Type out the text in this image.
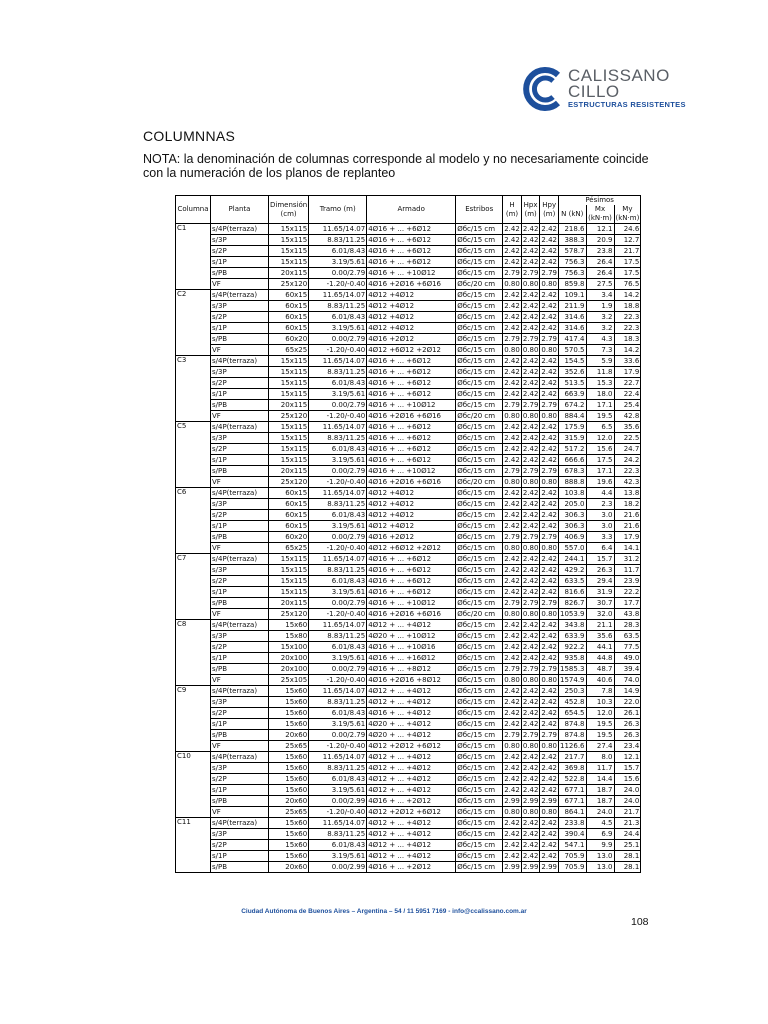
CALISSANO
CILLO
ESTRUCTURAS RESISTENTES
COLUMNNAS
NOTA: la denominación de columnas corresponde al modelo y no necesariamente coincide con la numeración de los planos de replanteo
Columna	Planta	Dimensión (cm)	Tramo (m)	Armado	Estribos	H (m)	Hpx (m)	Hpy (m)	Pésimos		
									N (kN)	Mx (kN·m)	My (kN·m)
C1	s/4P(terraza)	15x115	11.65/14.07	4Ø16 + ... +6Ø12	Øбc/15 cm	2.42	2.42	2.42	218.6	12.1	24.6
	s/3P	15x115	8.83/11.25	4Ø16 + ... +6Ø12	Øбc/15 cm	2.42	2.42	2.42	388.3	20.9	12.7
	s/2P	15x115	6.01/8.43	4Ø16 + ... +6Ø12	Øбc/15 cm	2.42	2.42	2.42	578.7	23.8	21.7
	s/1P	15x115	3.19/5.61	4Ø16 + ... +6Ø12	Øбc/15 cm	2.42	2.42	2.42	756.3	26.4	17.5
	s/PB	20x115	0.00/2.79	4Ø16 + ... +10Ø12	Øбc/15 cm	2.79	2.79	2.79	756.3	26.4	17.5
	VF	25x120	-1.20/-0.40	4Ø16 +2Ø16 +6Ø16	Øбc/20 cm	0.80	0.80	0.80	859.8	27.5	76.5
C2	s/4P(terraza)	60x15	11.65/14.07	4Ø12 +4Ø12	Øбc/15 cm	2.42	2.42	2.42	109.1	3.4	14.2
	s/3P	60x15	8.83/11.25	4Ø12 +4Ø12	Øбc/15 cm	2.42	2.42	2.42	211.9	1.9	18.8
	s/2P	60x15	6.01/8.43	4Ø12 +4Ø12	Øбc/15 cm	2.42	2.42	2.42	314.6	3.2	22.3
	s/1P	60x15	3.19/5.61	4Ø12 +4Ø12	Øбc/15 cm	2.42	2.42	2.42	314.6	3.2	22.3
	s/PB	60x20	0.00/2.79	4Ø16 +2Ø12	Øбc/15 cm	2.79	2.79	2.79	417.4	4.3	18.3
	VF	65x25	-1.20/-0.40	4Ø12 +6Ø12 +2Ø12	Øбc/15 cm	0.80	0.80	0.80	570.5	7.3	14.2
C3	s/4P(terraza)	15x115	11.65/14.07	4Ø16 + ... +6Ø12	Øбc/15 cm	2.42	2.42	2.42	154.5	5.9	33.6
	s/3P	15x115	8.83/11.25	4Ø16 + ... +6Ø12	Øбc/15 cm	2.42	2.42	2.42	352.6	11.8	17.9
	s/2P	15x115	6.01/8.43	4Ø16 + ... +6Ø12	Øбc/15 cm	2.42	2.42	2.42	513.5	15.3	22.7
	s/1P	15x115	3.19/5.61	4Ø16 + ... +6Ø12	Øбc/15 cm	2.42	2.42	2.42	663.9	18.0	22.4
	s/PB	20x115	0.00/2.79	4Ø16 + ... +10Ø12	Øбc/15 cm	2.79	2.79	2.79	674.2	17.1	25.4
	VF	25x120	-1.20/-0.40	4Ø16 +2Ø16 +6Ø16	Øбc/20 cm	0.80	0.80	0.80	884.4	19.5	42.8
C5	s/4P(terraza)	15x115	11.65/14.07	4Ø16 + ... +6Ø12	Øбc/15 cm	2.42	2.42	2.42	175.9	6.5	35.6
	s/3P	15x115	8.83/11.25	4Ø16 + ... +6Ø12	Øбc/15 cm	2.42	2.42	2.42	315.9	12.0	22.5
	s/2P	15x115	6.01/8.43	4Ø16 + ... +6Ø12	Øбc/15 cm	2.42	2.42	2.42	517.2	15.6	24.7
	s/1P	15x115	3.19/5.61	4Ø16 + ... +6Ø12	Øбc/15 cm	2.42	2.42	2.42	666.6	17.5	24.2
	s/PB	20x115	0.00/2.79	4Ø16 + ... +10Ø12	Øбc/15 cm	2.79	2.79	2.79	678.3	17.1	22.3
	VF	25x120	-1.20/-0.40	4Ø16 +2Ø16 +6Ø16	Øбc/20 cm	0.80	0.80	0.80	888.8	19.6	42.3
C6	s/4P(terraza)	60x15	11.65/14.07	4Ø12 +4Ø12	Øбc/15 cm	2.42	2.42	2.42	103.8	4.4	13.8
	s/3P	60x15	8.83/11.25	4Ø12 +4Ø12	Øбc/15 cm	2.42	2.42	2.42	205.0	2.3	18.2
	s/2P	60x15	6.01/8.43	4Ø12 +4Ø12	Øбc/15 cm	2.42	2.42	2.42	306.3	3.0	21.6
	s/1P	60x15	3.19/5.61	4Ø12 +4Ø12	Øбc/15 cm	2.42	2.42	2.42	306.3	3.0	21.6
	s/PB	60x20	0.00/2.79	4Ø16 +2Ø12	Øбc/15 cm	2.79	2.79	2.79	406.9	3.3	17.9
	VF	65x25	-1.20/-0.40	4Ø12 +6Ø12 +2Ø12	Øбc/15 cm	0.80	0.80	0.80	557.0	6.4	14.1
C7	s/4P(terraza)	15x115	11.65/14.07	4Ø16 + ... +6Ø12	Øбc/15 cm	2.42	2.42	2.42	244.1	15.7	31.2
	s/3P	15x115	8.83/11.25	4Ø16 + ... +6Ø12	Øбc/15 cm	2.42	2.42	2.42	429.2	26.3	11.7
	s/2P	15x115	6.01/8.43	4Ø16 + ... +6Ø12	Øбc/15 cm	2.42	2.42	2.42	633.5	29.4	23.9
	s/1P	15x115	3.19/5.61	4Ø16 + ... +6Ø12	Øбc/15 cm	2.42	2.42	2.42	816.6	31.9	22.2
	s/PB	20x115	0.00/2.79	4Ø16 + ... +10Ø12	Øбc/15 cm	2.79	2.79	2.79	826.7	30.7	17.7
	VF	25x120	-1.20/-0.40	4Ø16 +2Ø16 +6Ø16	Øбc/20 cm	0.80	0.80	0.80	1053.9	32.0	43.8
C8	s/4P(terraza)	15x60	11.65/14.07	4Ø12 + ... +4Ø12	Øбc/15 cm	2.42	2.42	2.42	343.8	21.1	28.3
	s/3P	15x80	8.83/11.25	4Ø20 + ... +10Ø12	Øбc/15 cm	2.42	2.42	2.42	633.9	35.6	63.5
	s/2P	15x100	6.01/8.43	4Ø16 + ... +10Ø16	Øбc/15 cm	2.42	2.42	2.42	922.2	44.1	77.5
	s/1P	20x100	3.19/5.61	4Ø16 + ... +16Ø12	Øбc/15 cm	2.42	2.42	2.42	935.8	44.8	49.0
	s/PB	20x100	0.00/2.79	4Ø16 + ... +8Ø12	Øбc/15 cm	2.79	2.79	2.79	1585.3	48.7	39.4
	VF	25x105	-1.20/-0.40	4Ø16 +2Ø16 +8Ø12	Øбc/15 cm	0.80	0.80	0.80	1574.9	40.6	74.0
C9	s/4P(terraza)	15x60	11.65/14.07	4Ø12 + ... +4Ø12	Øбc/15 cm	2.42	2.42	2.42	250.3	7.8	14.9
	s/3P	15x60	8.83/11.25	4Ø12 + ... +4Ø12	Øбc/15 cm	2.42	2.42	2.42	452.8	10.3	22.0
	s/2P	15x60	6.01/8.43	4Ø16 + ... +4Ø12	Øбc/15 cm	2.42	2.42	2.42	654.5	12.0	26.1
	s/1P	15x60	3.19/5.61	4Ø20 + ... +4Ø12	Øбc/15 cm	2.42	2.42	2.42	874.8	19.5	26.3
	s/PB	20x60	0.00/2.79	4Ø20 + ... +4Ø12	Øбc/15 cm	2.79	2.79	2.79	874.8	19.5	26.3
	VF	25x65	-1.20/-0.40	4Ø12 +2Ø12 +6Ø12	Øбc/15 cm	0.80	0.80	0.80	1126.6	27.4	23.4
C10	s/4P(terraza)	15x60	11.65/14.07	4Ø12 + ... +4Ø12	Øбc/15 cm	2.42	2.42	2.42	217.7	8.0	12.1
	s/3P	15x60	8.83/11.25	4Ø12 + ... +4Ø12	Øбc/15 cm	2.42	2.42	2.42	369.8	11.7	15.7
	s/2P	15x60	6.01/8.43	4Ø12 + ... +4Ø12	Øбc/15 cm	2.42	2.42	2.42	522.8	14.4	15.6
	s/1P	15x60	3.19/5.61	4Ø12 + ... +4Ø12	Øбc/15 cm	2.42	2.42	2.42	677.1	18.7	24.0
	s/PB	20x60	0.00/2.99	4Ø16 + ... +2Ø12	Øбc/15 cm	2.99	2.99	2.99	677.1	18.7	24.0
	VF	25x65	-1.20/-0.40	4Ø12 +2Ø12 +6Ø12	Øбc/15 cm	0.80	0.80	0.80	864.1	24.0	21.7
C11	s/4P(terraza)	15x60	11.65/14.07	4Ø12 + ... +4Ø12	Øбc/15 cm	2.42	2.42	2.42	233.8	4.5	21.3
	s/3P	15x60	8.83/11.25	4Ø12 + ... +4Ø12	Øбc/15 cm	2.42	2.42	2.42	390.4	6.9	24.4
	s/2P	15x60	6.01/8.43	4Ø12 + ... +4Ø12	Øбc/15 cm	2.42	2.42	2.42	547.1	9.9	25.1
	s/1P	15x60	3.19/5.61	4Ø12 + ... +4Ø12	Øбc/15 cm	2.42	2.42	2.42	705.9	13.0	28.1
	s/PB	20x60	0.00/2.99	4Ø16 + ... +2Ø12	Øбc/15 cm	2.99	2.99	2.99	705.9	13.0	28.1
Ciudad Autónoma de Buenos Aires – Argentina – 54 / 11 5951 7169 - info@ccalissano.com.ar
108
